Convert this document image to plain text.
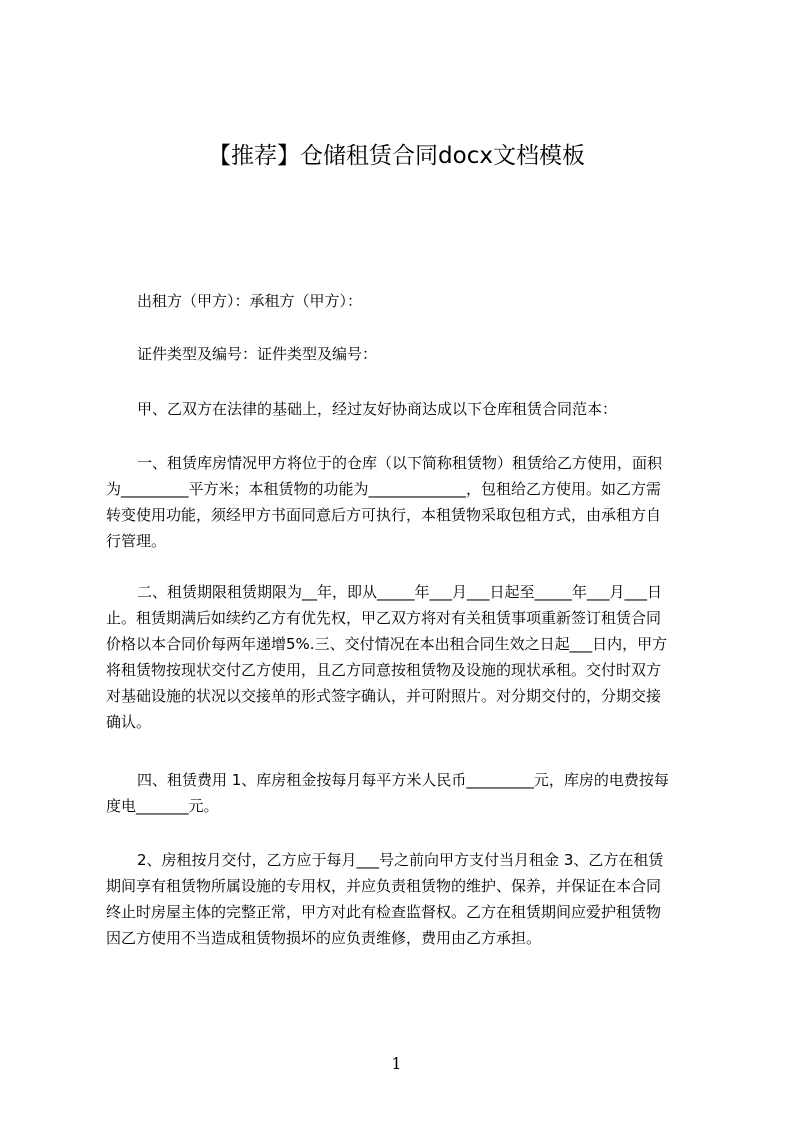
【推荐】仓储租赁合同docx文档模板
出租方（甲方）：承租方（甲方）：
证件类型及编号：证件类型及编号：
甲、乙双方在法律的基础上，经过友好协商达成以下仓库租赁合同范本：
一、租赁库房情况甲方将位于的仓库（以下简称租赁物）租赁给乙方使用，面积
为_________平方米；本租赁物的功能为_____________，包租给乙方使用。如乙方需
转变使用功能，须经甲方书面同意后方可执行，本租赁物采取包租方式，由承租方自
行管理。
二、租赁期限租赁期限为__年，即从_____年___月___日起至_____年___月___日
止。租赁期满后如续约乙方有优先权，甲乙双方将对有关租赁事项重新签订租赁合同
价格以本合同价每两年递增5%.三、交付情况在本出租合同生效之日起___日内，甲方
将租赁物按现状交付乙方使用，且乙方同意按租赁物及设施的现状承租。交付时双方
对基础设施的状况以交接单的形式签字确认，并可附照片。对分期交付的，分期交接
确认。
四、租赁费用 1、库房租金按每月每平方米人民币_________元，库房的电费按每
度电_______元。
2、房租按月交付，乙方应于每月___号之前向甲方支付当月租金 3、乙方在租赁
期间享有租赁物所属设施的专用权，并应负责租赁物的维护、保养，并保证在本合同
终止时房屋主体的完整正常，甲方对此有检查监督权。乙方在租赁期间应爱护租赁物
因乙方使用不当造成租赁物损坏的应负责维修，费用由乙方承担。
1
